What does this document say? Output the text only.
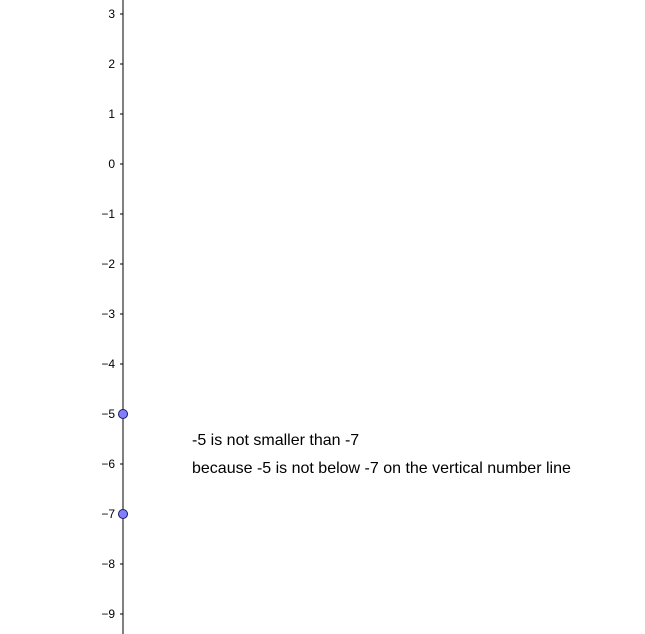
3
2
1
0
−1
−2
−3
−4
−5
−6
−7
−8
−9
-5 is not smaller than -7
because -5 is not below -7 on the vertical number line
